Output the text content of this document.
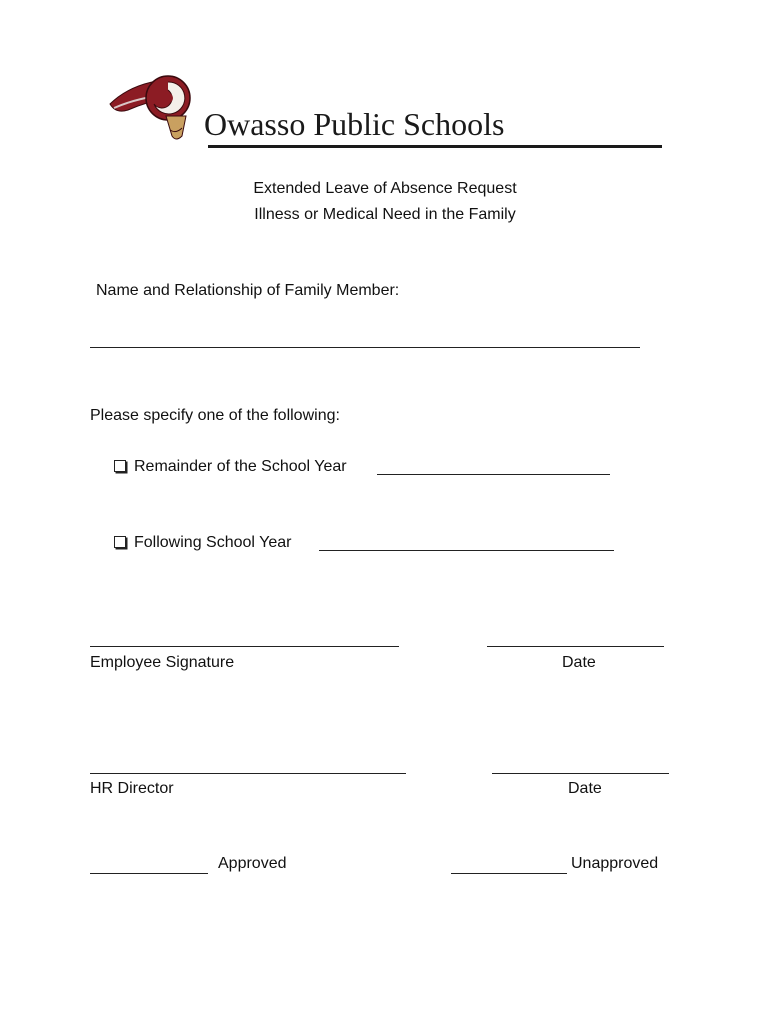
Owasso Public Schools
Extended Leave of Absence Request
Illness or Medical Need in the Family
Name and Relationship of Family Member:
Please specify one of the following:
Remainder of the School Year
Following School Year
Employee Signature	Date
HR Director	Date
Approved	Unapproved
